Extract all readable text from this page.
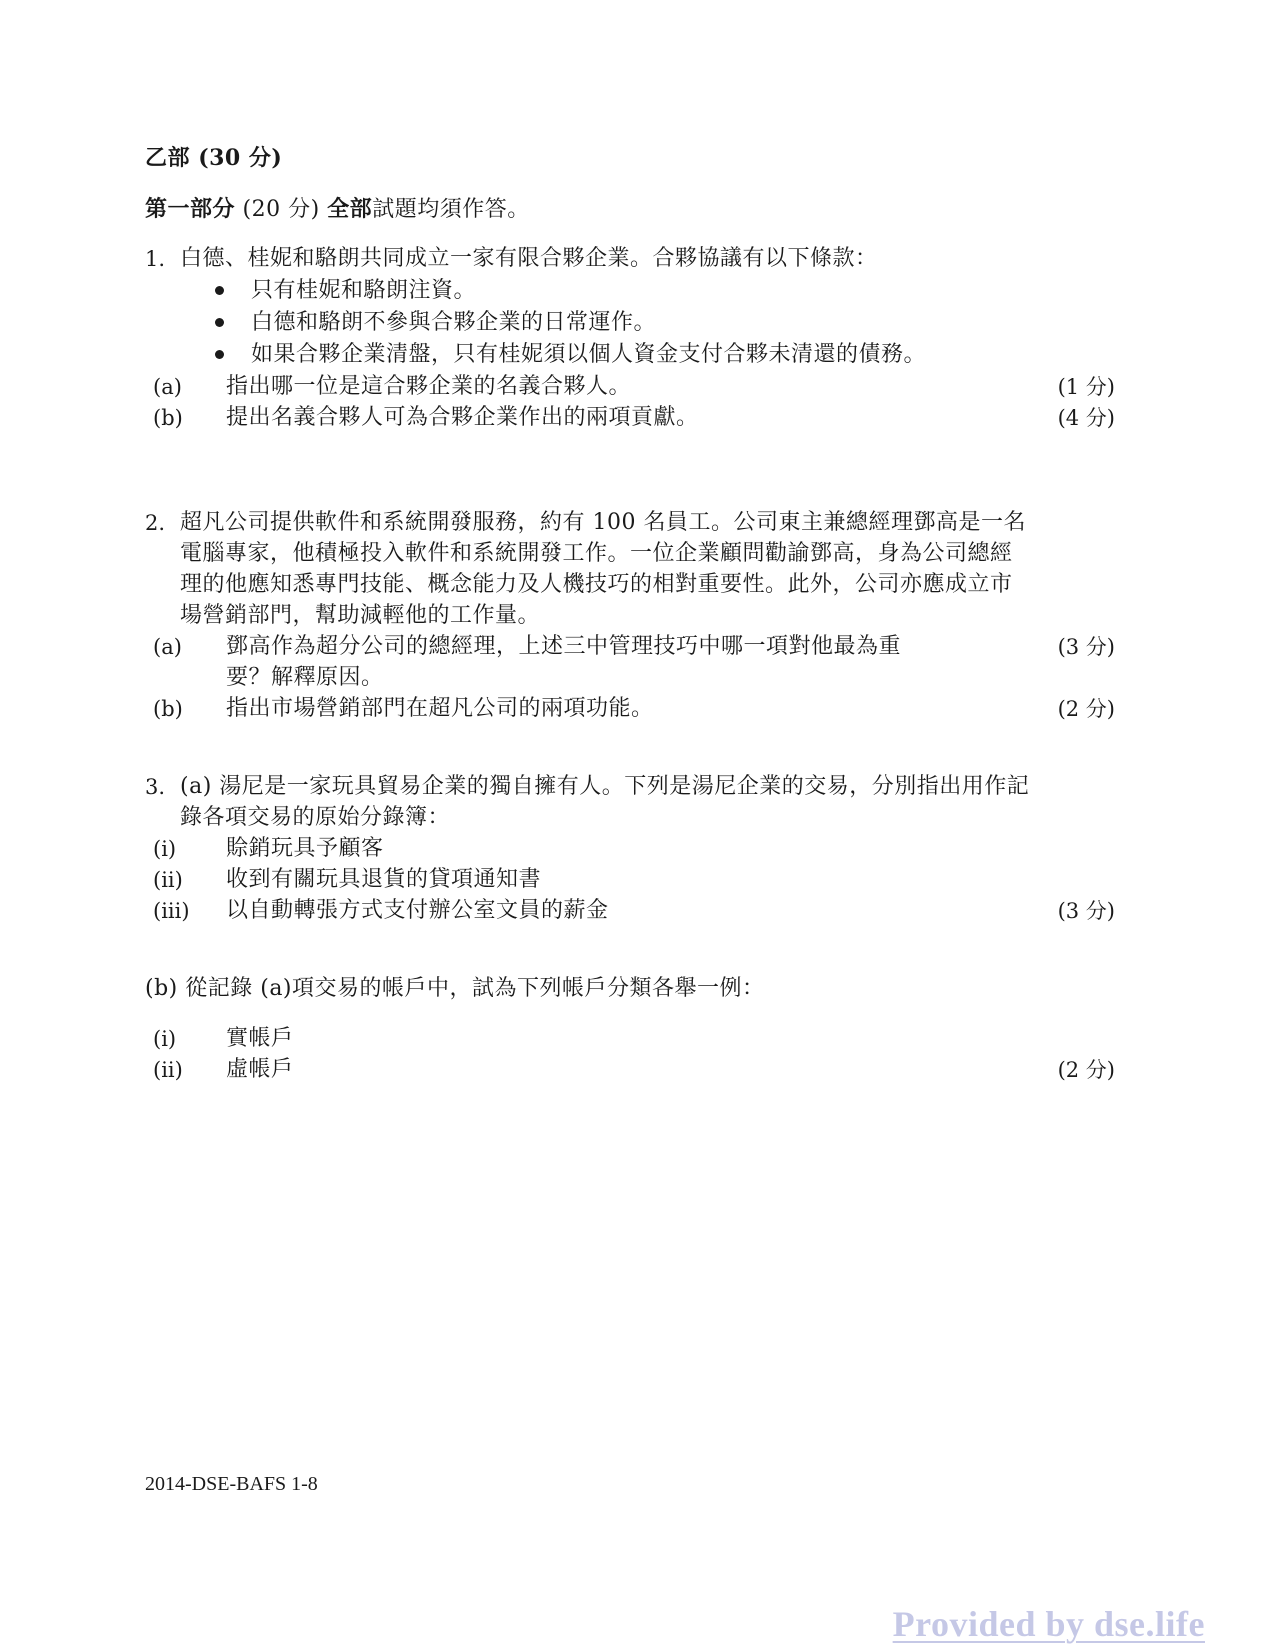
乙部 (30 分)
第一部分 (20 分) 全部試題均須作答。
1. 白德、桂妮和駱朗共同成立一家有限合夥企業。合夥協議有以下條款：
只有桂妮和駱朗注資。
白德和駱朗不參與合夥企業的日常運作。
如果合夥企業清盤，只有桂妮須以個人資金支付合夥未清還的債務。
(a) 指出哪一位是這合夥企業的名義合夥人。	(1 分)
(b) 提出名義合夥人可為合夥企業作出的兩項貢獻。	(4 分)
2. 超凡公司提供軟件和系統開發服務，約有 100 名員工。公司東主兼總經理鄧高是一名
電腦專家，他積極投入軟件和系統開發工作。一位企業顧問勸諭鄧高，身為公司總經
理的他應知悉專門技能、概念能力及人機技巧的相對重要性。此外，公司亦應成立市
場營銷部門，幫助減輕他的工作量。
(a) 鄧高作為超分公司的總經理，上述三中管理技巧中哪一項對他最為重
要？解釋原因。
(3 分)
(b) 指出市場營銷部門在超凡公司的兩項功能。	(2 分)
3. (a) 湯尼是一家玩具貿易企業的獨自擁有人。下列是湯尼企業的交易，分別指出用作記
錄各項交易的原始分錄簿：
(i) 賒銷玩具予顧客
(ii) 收到有關玩具退貨的貸項通知書
(iii) 以自動轉張方式支付辦公室文員的薪金	(3 分)
(b) 從記錄 (a)項交易的帳戶中，試為下列帳戶分類各舉一例：
(i) 實帳戶
(ii) 虛帳戶	(2 分)
2014-DSE-BAFS 1-8
Provided by dse.life
